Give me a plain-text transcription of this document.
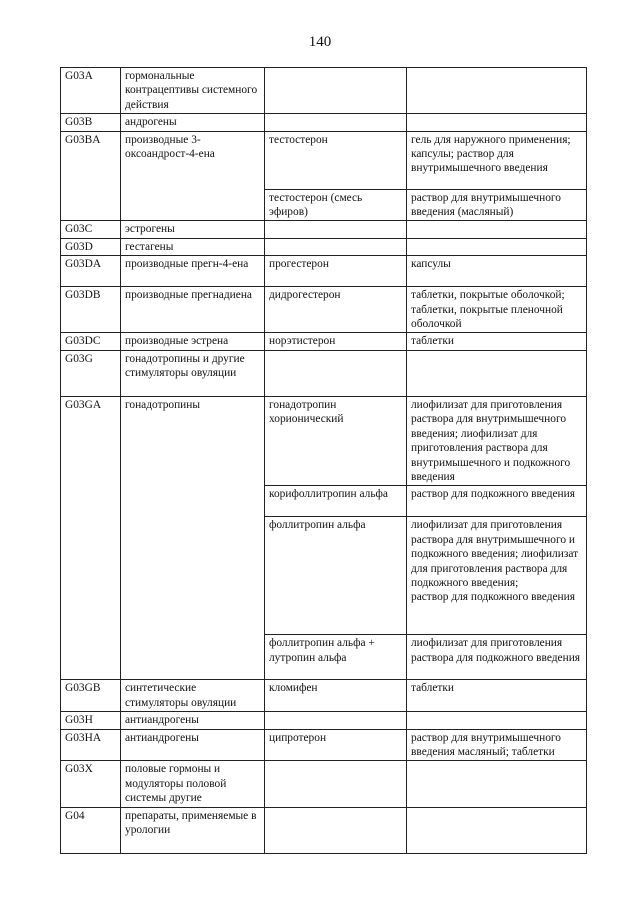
140
G03A	гормональные контрацептивы системного действия		
G03B	андрогены		
G03BA	производные 3-оксоандрост-4-ена	тестостерон	гель для наружного применения; капсулы; раствор для внутримышечного введения
		тестостерон (смесь эфиров)	раствор для внутримышечного введения (масляный)
G03C	эстрогены		
G03D	гестагены		
G03DA	производные прегн-4-ена	прогестерон	капсулы
G03DB	производные прегнадиена	дидрогестерон	таблетки, покрытые оболочкой; таблетки, покрытые пленочной оболочкой
G03DC	производные эстрена	норэтистерон	таблетки
G03G	гонадотропины и другие стимуляторы овуляции		
G03GA	гонадотропины	гонадотропин хорионический	лиофилизат для приготовления раствора для внутримышечного введения; лиофилизат для приготовления раствора для внутримышечного и подкожного введения
		корифоллитропин альфа	раствор для подкожного введения
		фоллитропин альфа	лиофилизат для приготовления раствора для внутримышечного и подкожного введения; лиофилизат для приготовления раствора для подкожного введения;
раствор для подкожного введения
		фоллитропин альфа + лутропин альфа	лиофилизат для приготовления раствора для подкожного введения
G03GB	синтетические стимуляторы овуляции	кломифен	таблетки
G03H	антиандрогены		
G03HA	антиандрогены	ципротерон	раствор для внутримышечного введения масляный; таблетки
G03X	половые гормоны и модуляторы половой системы другие		
G04	препараты, применяемые в урологии		
